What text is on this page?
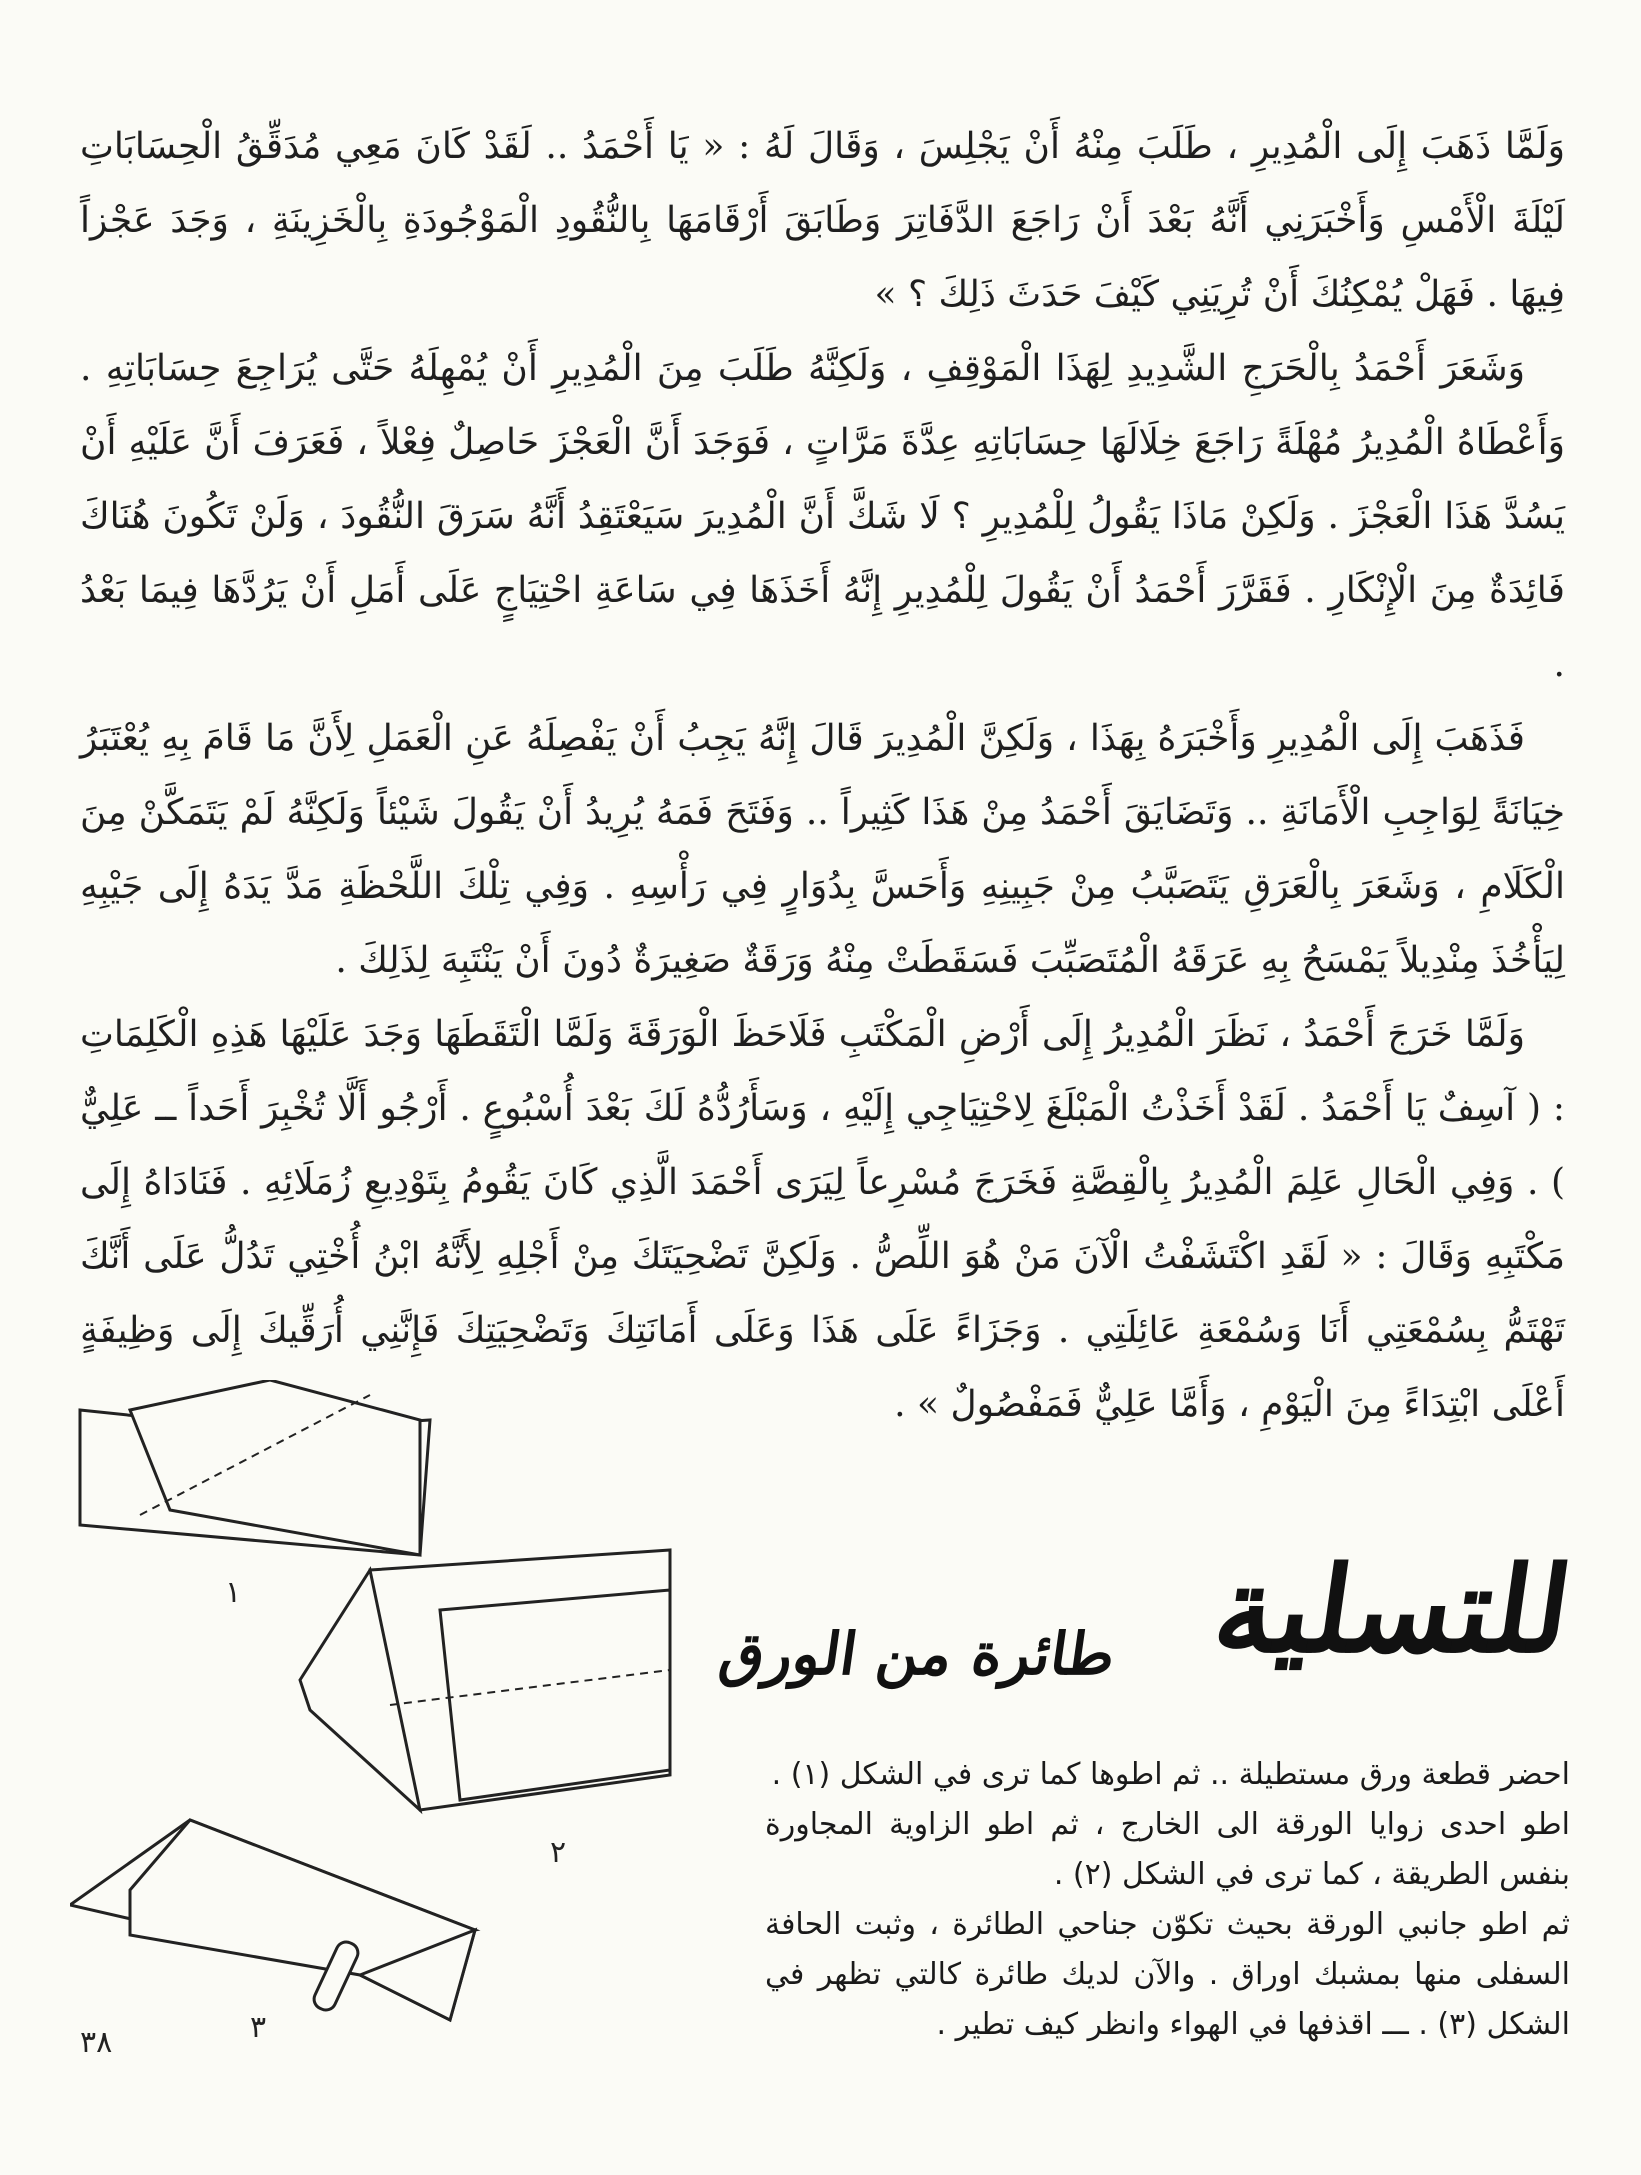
وَلَمَّا ذَهَبَ إِلَى الْمُدِيرِ ، طَلَبَ مِنْهُ أَنْ يَجْلِسَ ، وَقَالَ لَهُ : « يَا أَحْمَدُ .. لَقَدْ كَانَ مَعِي مُدَقِّقُ الْحِسَابَاتِ لَيْلَةَ الْأَمْسِ وَأَخْبَرَنِي أَنَّهُ بَعْدَ أَنْ رَاجَعَ الدَّفَاتِرَ وَطَابَقَ أَرْقَامَهَا بِالنُّقُودِ الْمَوْجُودَةِ بِالْخَزِينَةِ ، وَجَدَ عَجْزاً فِيهَا . فَهَلْ يُمْكِنُكَ أَنْ تُرِيَنِي كَيْفَ حَدَثَ ذَلِكَ ؟ »

وَشَعَرَ أَحْمَدُ بِالْحَرَجِ الشَّدِيدِ لِهَذَا الْمَوْقِفِ ، وَلَكِنَّهُ طَلَبَ مِنَ الْمُدِيرِ أَنْ يُمْهِلَهُ حَتَّى يُرَاجِعَ حِسَابَاتِهِ . وَأَعْطَاهُ الْمُدِيرُ مُهْلَةً رَاجَعَ خِلَالَهَا حِسَابَاتِهِ عِدَّةَ مَرَّاتٍ ، فَوَجَدَ أَنَّ الْعَجْزَ حَاصِلٌ فِعْلاً ، فَعَرَفَ أَنَّ عَلَيْهِ أَنْ يَسُدَّ هَذَا الْعَجْزَ . وَلَكِنْ مَاذَا يَقُولُ لِلْمُدِيرِ ؟ لَا شَكَّ أَنَّ الْمُدِيرَ سَيَعْتَقِدُ أَنَّهُ سَرَقَ النُّقُودَ ، وَلَنْ تَكُونَ هُنَاكَ فَائِدَةٌ مِنَ الْإِنْكَارِ . فَقَرَّرَ أَحْمَدُ أَنْ يَقُولَ لِلْمُدِيرِ إِنَّهُ أَخَذَهَا فِي سَاعَةِ احْتِيَاجٍ عَلَى أَمَلِ أَنْ يَرُدَّهَا فِيمَا بَعْدُ .

فَذَهَبَ إِلَى الْمُدِيرِ وَأَخْبَرَهُ بِهَذَا ، وَلَكِنَّ الْمُدِيرَ قَالَ إِنَّهُ يَجِبُ أَنْ يَفْصِلَهُ عَنِ الْعَمَلِ لِأَنَّ مَا قَامَ بِهِ يُعْتَبَرُ خِيَانَةً لِوَاجِبِ الْأَمَانَةِ .. وَتَضَايَقَ أَحْمَدُ مِنْ هَذَا كَثِيراً .. وَفَتَحَ فَمَهُ يُرِيدُ أَنْ يَقُولَ شَيْئاً وَلَكِنَّهُ لَمْ يَتَمَكَّنْ مِنَ الْكَلَامِ ، وَشَعَرَ بِالْعَرَقِ يَتَصَبَّبُ مِنْ جَبِينِهِ وَأَحَسَّ بِدُوَارٍ فِي رَأْسِهِ . وَفِي تِلْكَ اللَّحْظَةِ مَدَّ يَدَهُ إِلَى جَيْبِهِ لِيَأْخُذَ مِنْدِيلاً يَمْسَحُ بِهِ عَرَقَهُ الْمُتَصَبِّبَ فَسَقَطَتْ مِنْهُ وَرَقَةٌ صَغِيرَةٌ دُونَ أَنْ يَنْتَبِهَ لِذَلِكَ .

وَلَمَّا خَرَجَ أَحْمَدُ ، نَظَرَ الْمُدِيرُ إِلَى أَرْضِ الْمَكْتَبِ فَلَاحَظَ الْوَرَقَةَ وَلَمَّا الْتَقَطَهَا وَجَدَ عَلَيْهَا هَذِهِ الْكَلِمَاتِ : ( آسِفٌ يَا أَحْمَدُ . لَقَدْ أَخَذْتُ الْمَبْلَغَ لِاحْتِيَاجِي إِلَيْهِ ، وَسَأَرُدُّهُ لَكَ بَعْدَ أُسْبُوعٍ . أَرْجُو أَلَّا تُخْبِرَ أَحَداً ــ عَلِيٌّ ) . وَفِي الْحَالِ عَلِمَ الْمُدِيرُ بِالْقِصَّةِ فَخَرَجَ مُسْرِعاً لِيَرَى أَحْمَدَ الَّذِي كَانَ يَقُومُ بِتَوْدِيعِ زُمَلَائِهِ . فَنَادَاهُ إِلَى مَكْتَبِهِ وَقَالَ : « لَقَدِ اكْتَشَفْتُ الْآنَ مَنْ هُوَ اللِّصُّ . وَلَكِنَّ تَضْحِيَتَكَ مِنْ أَجْلِهِ لِأَنَّهُ ابْنُ أُخْتِي تَدُلُّ عَلَى أَنَّكَ تَهْتَمُّ بِسُمْعَتِي أَنَا وَسُمْعَةِ عَائِلَتِي . وَجَزَاءً عَلَى هَذَا وَعَلَى أَمَانَتِكَ وَتَضْحِيَتِكَ فَإِنَّنِي أُرَقِّيكَ إِلَى وَظِيفَةٍ أَعْلَى ابْتِدَاءً مِنَ الْيَوْمِ ، وَأَمَّا عَلِيٌّ فَمَفْصُولٌ » .

١
٢
٣
للتسلية
طائرة من الورق

احضر قطعة ورق مستطيلة .. ثم اطوها كما ترى في الشكل (١) .

اطو احدى زوايا الورقة الى الخارج ، ثم اطو الزاوية المجاورة بنفس الطريقة ، كما ترى في الشكل (٢) .

ثم اطو جانبي الورقة بحيث تكوّن جناحي الطائرة ، وثبت الحافة السفلى منها بمشبك اوراق . والآن لديك طائرة كالتي تظهر في الشكل (٣) . ـــ اقذفها في الهواء وانظر كيف تطير .

٣٨
